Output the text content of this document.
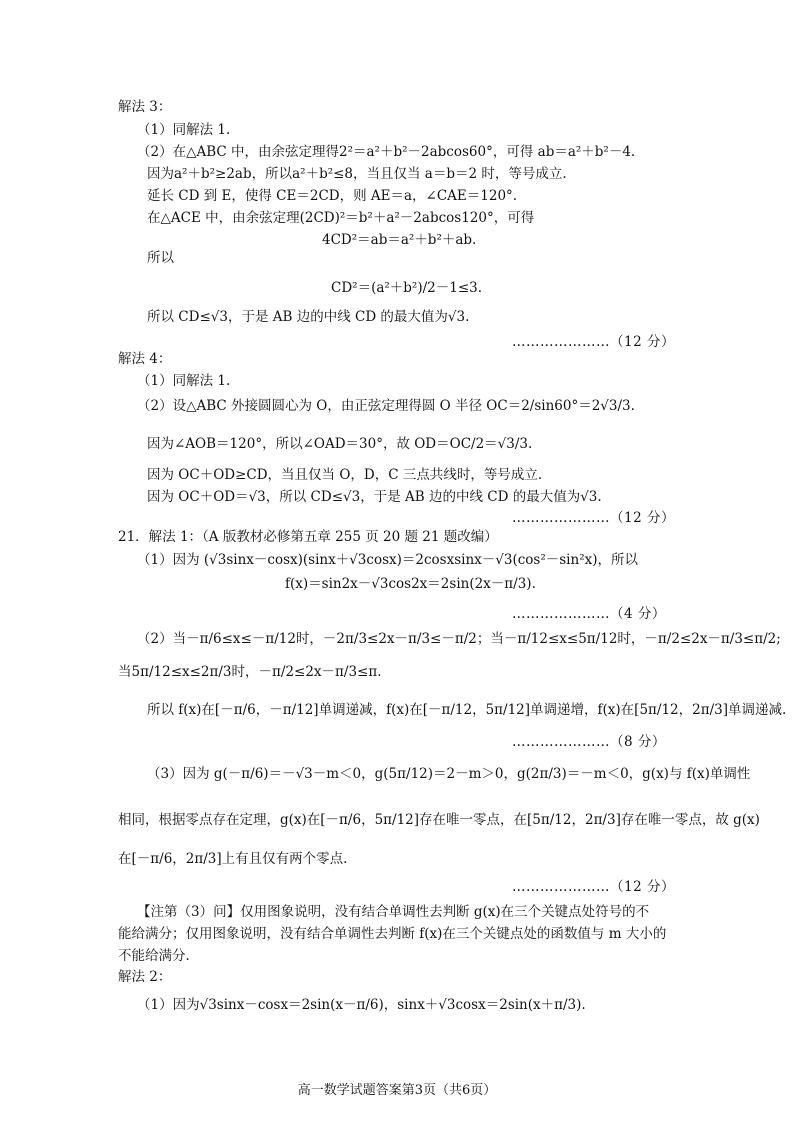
解法 3：
（1）同解法 1.
（2）在△ABC 中，由余弦定理得2²＝a²＋b²－2abcos60°，可得 ab＝a²＋b²－4.
因为a²＋b²≥2ab，所以a²＋b²≤8，当且仅当 a＝b＝2 时，等号成立.
延长 CD 到 E，使得 CE＝2CD，则 AE＝a，∠CAE＝120°.
在△ACE 中，由余弦定理(2CD)²＝b²＋a²－2abcos120°，可得
4CD²＝ab＝a²＋b²＋ab.
所以
CD²＝(a²＋b²)/2－1≤3.
所以 CD≤√3，于是 AB 边的中线 CD 的最大值为√3.
解法 4：
（1）同解法 1.
（2）设△ABC 外接圆圆心为 O，由正弦定理得圆 O 半径 OC＝2/sin60°＝2√3/3.
因为∠AOB＝120°，所以∠OAD＝30°，故 OD＝OC/2＝√3/3.
因为 OC＋OD≥CD，当且仅当 O，D，C 三点共线时，等号成立.
因为 OC＋OD＝√3，所以 CD≤√3，于是 AB 边的中线 CD 的最大值为√3.
21．解法 1：（A 版教材必修第五章 255 页 20 题 21 题改编）
（1）因为 (√3sinx－cosx)(sinx＋√3cosx)＝2cosxsinx－√3(cos²－sin²x)，所以
f(x)＝sin2x－√3cos2x＝2sin(2x－π/3).
（2）当－π/6≤x≤－π/12时，－2π/3≤2x－π/3≤－π/2；当－π/12≤x≤5π/12时，－π/2≤2x－π/3≤π/2;
当5π/12≤x≤2π/3时，－π/2≤2x－π/3≤π.
所以 f(x)在[－π/6，－π/12]单调递减，f(x)在[－π/12，5π/12]单调递增，f(x)在[5π/12，2π/3]单调递减.
（3）因为 g(－π/6)＝－√3－m＜0，g(5π/12)＝2－m＞0，g(2π/3)＝－m＜0，g(x)与 f(x)单调性
相同，根据零点存在定理，g(x)在[－π/6，5π/12]存在唯一零点，在[5π/12，2π/3]存在唯一零点，故 g(x)
在[－π/6，2π/3]上有且仅有两个零点.
【注第（3）问】仅用图象说明，没有结合单调性去判断 g(x)在三个关键点处符号的不
能给满分；仅用图象说明，没有结合单调性去判断 f(x)在三个关键点处的函数值与 m 大小的
不能给满分.
解法 2：
（1）因为√3sinx－cosx＝2sin(x－π/6)，sinx＋√3cosx＝2sin(x＋π/3).
…………………（12 分）
…………………（12 分）
…………………（4 分）
…………………（8 分）
…………………（12 分）
高一数学试题答案第3页（共6页）
